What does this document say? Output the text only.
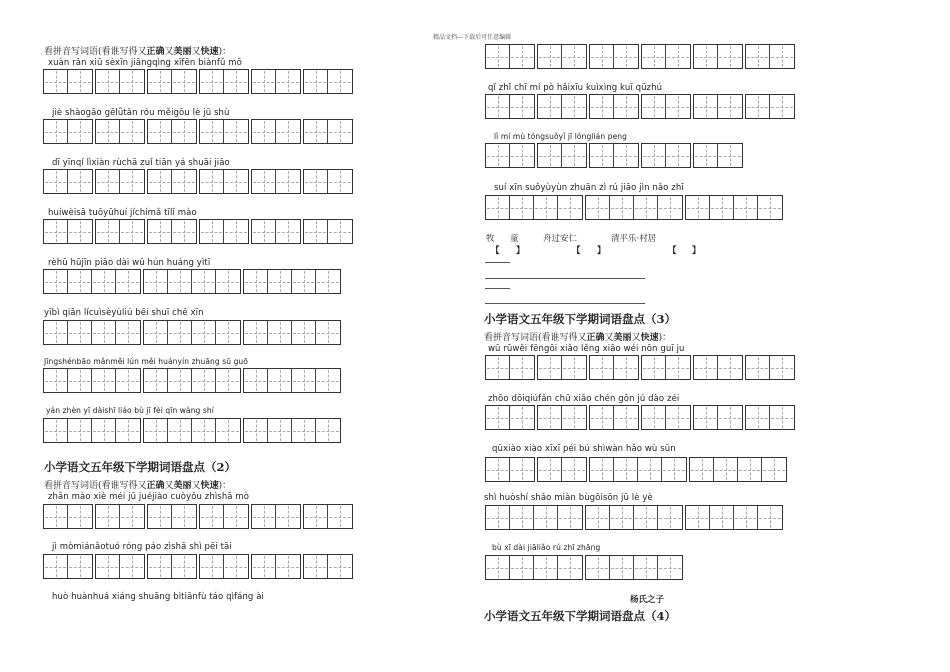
精品文档---下载后可任意编辑
看拼音写词语(看谁写得又正确又美丽又快速)：
xuàn rǎn xiū sèxīn jiāngqìng xīfēn biànfǔ mō
jiè shàogāo gēlǜtǎn róu měigōu lè jū shù
dī yīnqí lìxiàn rùchā zuǐ tiān yá shuāi jiāo
huíwèisā tuōyūhuí jíchímǎ tīlǐ mào
rèhū hūjīn piāo dài wǔ hún huáng yìtī
yībì qiān lícuìsèyùliú bēi shuī chē xīn
Jīngshénbāo mǎnměi lún měi huányín zhuāng sū guō
yán zhèn yī dàishī liáo bù jī fèi qīn wàng shí
小学语文五年级下学期词语盘点（2）
看拼音写词语(看谁写得又正确又美丽又快速)：
zhān mào xiè méi jū juéjiào cuòyǒu zhìshā mò
jì mòmiánǎotuó róng páo zìshā shì pēi tāi
huò huànhuá xiáng shuāng bìtiānfù táo qìfáng ài
qǐ zhǐ chī mí pò hǎixīu kuìxìng kuī qūzhú
lì mí mù tóngsuǒyǐ jī lónglián peng
suí xīn suǒyùyùn zhuān zì rú jiāo jìn nǎo zhī
牧 童	舟过安仁	清平乐·村居
【 】	【 】	【 】
小学语文五年级下学期词语盘点（3）
看拼音写词语(看谁写得又正确又美丽又快速)：
wū rūwěi fēngōi xiǎo lěng xiāo wéi nōn guī ju
zhōo dōiqiúfǎn chū xiǎo chén gōn jú dào zéi
qūxiào xiào xīxī péi bú shìwàn hǎo wù sūn
shì huòshí shǎo miàn bùgōisōn jū lè yè
bù xī dài jiāliǎo rú zhī zhāng
杨氏之子
小学语文五年级下学期词语盘点（4）
